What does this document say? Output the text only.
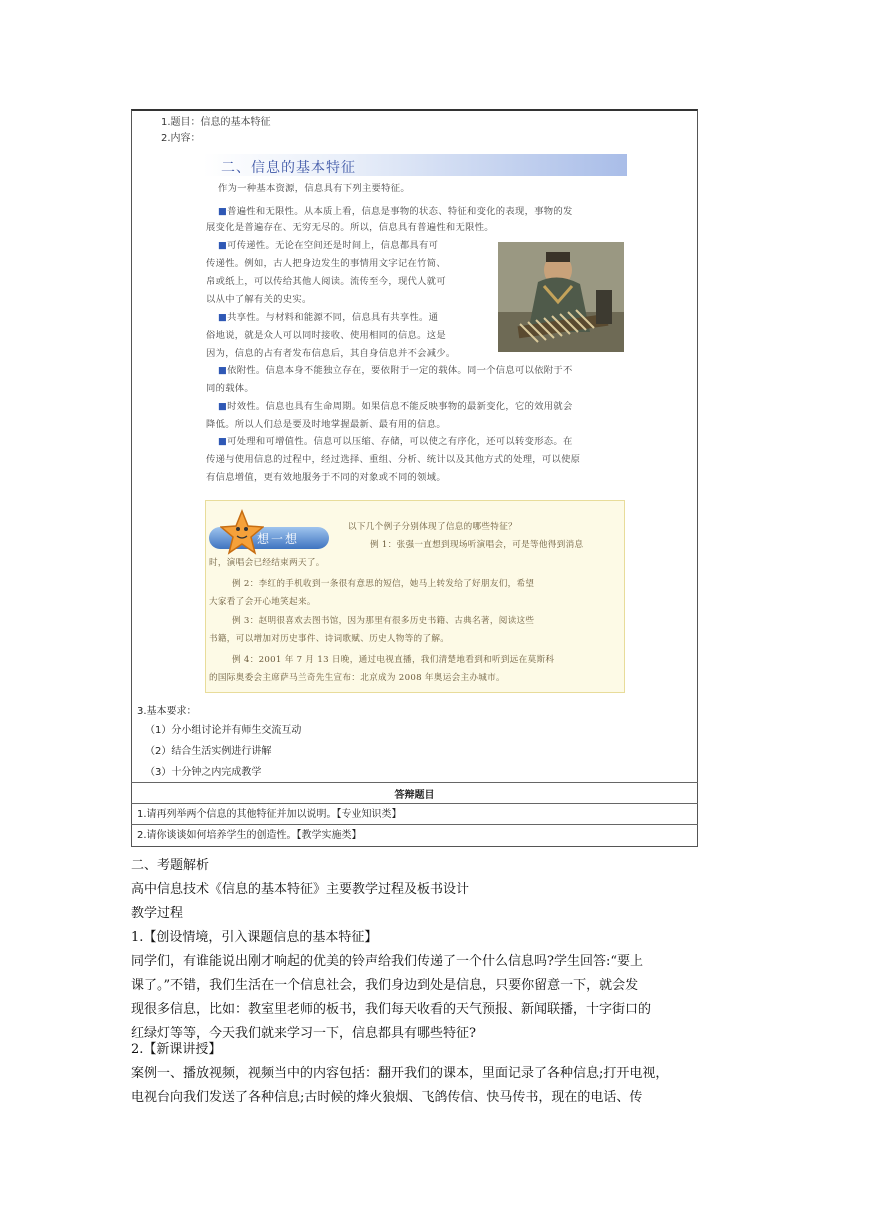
1.题目：信息的基本特征
2.内容：
二、信息的基本特征
作为一种基本资源，信息具有下列主要特征。
■普遍性和无限性。从本质上看，信息是事物的状态、特征和变化的表现，事物的发
展变化是普遍存在、无穷无尽的。所以，信息具有普遍性和无限性。
■可传递性。无论在空间还是时间上，信息都具有可
传递性。例如，古人把身边发生的事情用文字记在竹简、
帛或纸上，可以传给其他人阅读。流传至今，现代人就可
以从中了解有关的史实。
■共享性。与材料和能源不同，信息具有共享性。通
俗地说，就是众人可以同时接收、使用相同的信息。这是
因为，信息的占有者发布信息后，其自身信息并不会减少。
■依附性。信息本身不能独立存在，要依附于一定的载体。同一个信息可以依附于不
同的载体。
■时效性。信息也具有生命周期。如果信息不能反映事物的最新变化，它的效用就会
降低。所以人们总是要及时地掌握最新、最有用的信息。
■可处理和可增值性。信息可以压缩、存储，可以使之有序化，还可以转变形态。在
传递与使用信息的过程中，经过选择、重组、分析、统计以及其他方式的处理，可以使原
有信息增值，更有效地服务于不同的对象或不同的领域。
想一想
以下几个例子分别体现了信息的哪些特征？
例 1：张强一直想到现场听演唱会，可是等他得到消息
时，演唱会已经结束两天了。
例 2：李红的手机收到一条很有意思的短信，她马上转发给了好朋友们，希望
大家看了会开心地笑起来。
例 3：赵明很喜欢去图书馆，因为那里有很多历史书籍、古典名著，阅读这些
书籍，可以增加对历史事件、诗词歌赋、历史人物等的了解。
例 4：2001 年 7 月 13 日晚，通过电视直播，我们清楚地看到和听到远在莫斯科
的国际奥委会主席萨马兰奇先生宣布：北京成为 2008 年奥运会主办城市。
3.基本要求：
（1）分小组讨论并有师生交流互动
（2）结合生活实例进行讲解
（3）十分钟之内完成教学
答辩题目
1.请再列举两个信息的其他特征并加以说明。【专业知识类】
2.请你谈谈如何培养学生的创造性。【教学实施类】
二、考题解析
高中信息技术《信息的基本特征》主要教学过程及板书设计
教学过程
1.【创设情境，引入课题信息的基本特征】
同学们，有谁能说出刚才响起的优美的铃声给我们传递了一个什么信息吗?学生回答:“要上
课了。”不错，我们生活在一个信息社会，我们身边到处是信息，只要你留意一下，就会发
现很多信息，比如：教室里老师的板书，我们每天收看的天气预报、新闻联播，十字街口的
红绿灯等等，今天我们就来学习一下，信息都具有哪些特征?
2.【新课讲授】
案例一、播放视频，视频当中的内容包括：翻开我们的课本，里面记录了各种信息;打开电视，
电视台向我们发送了各种信息;古时候的烽火狼烟、飞鸽传信、快马传书，现在的电话、传
